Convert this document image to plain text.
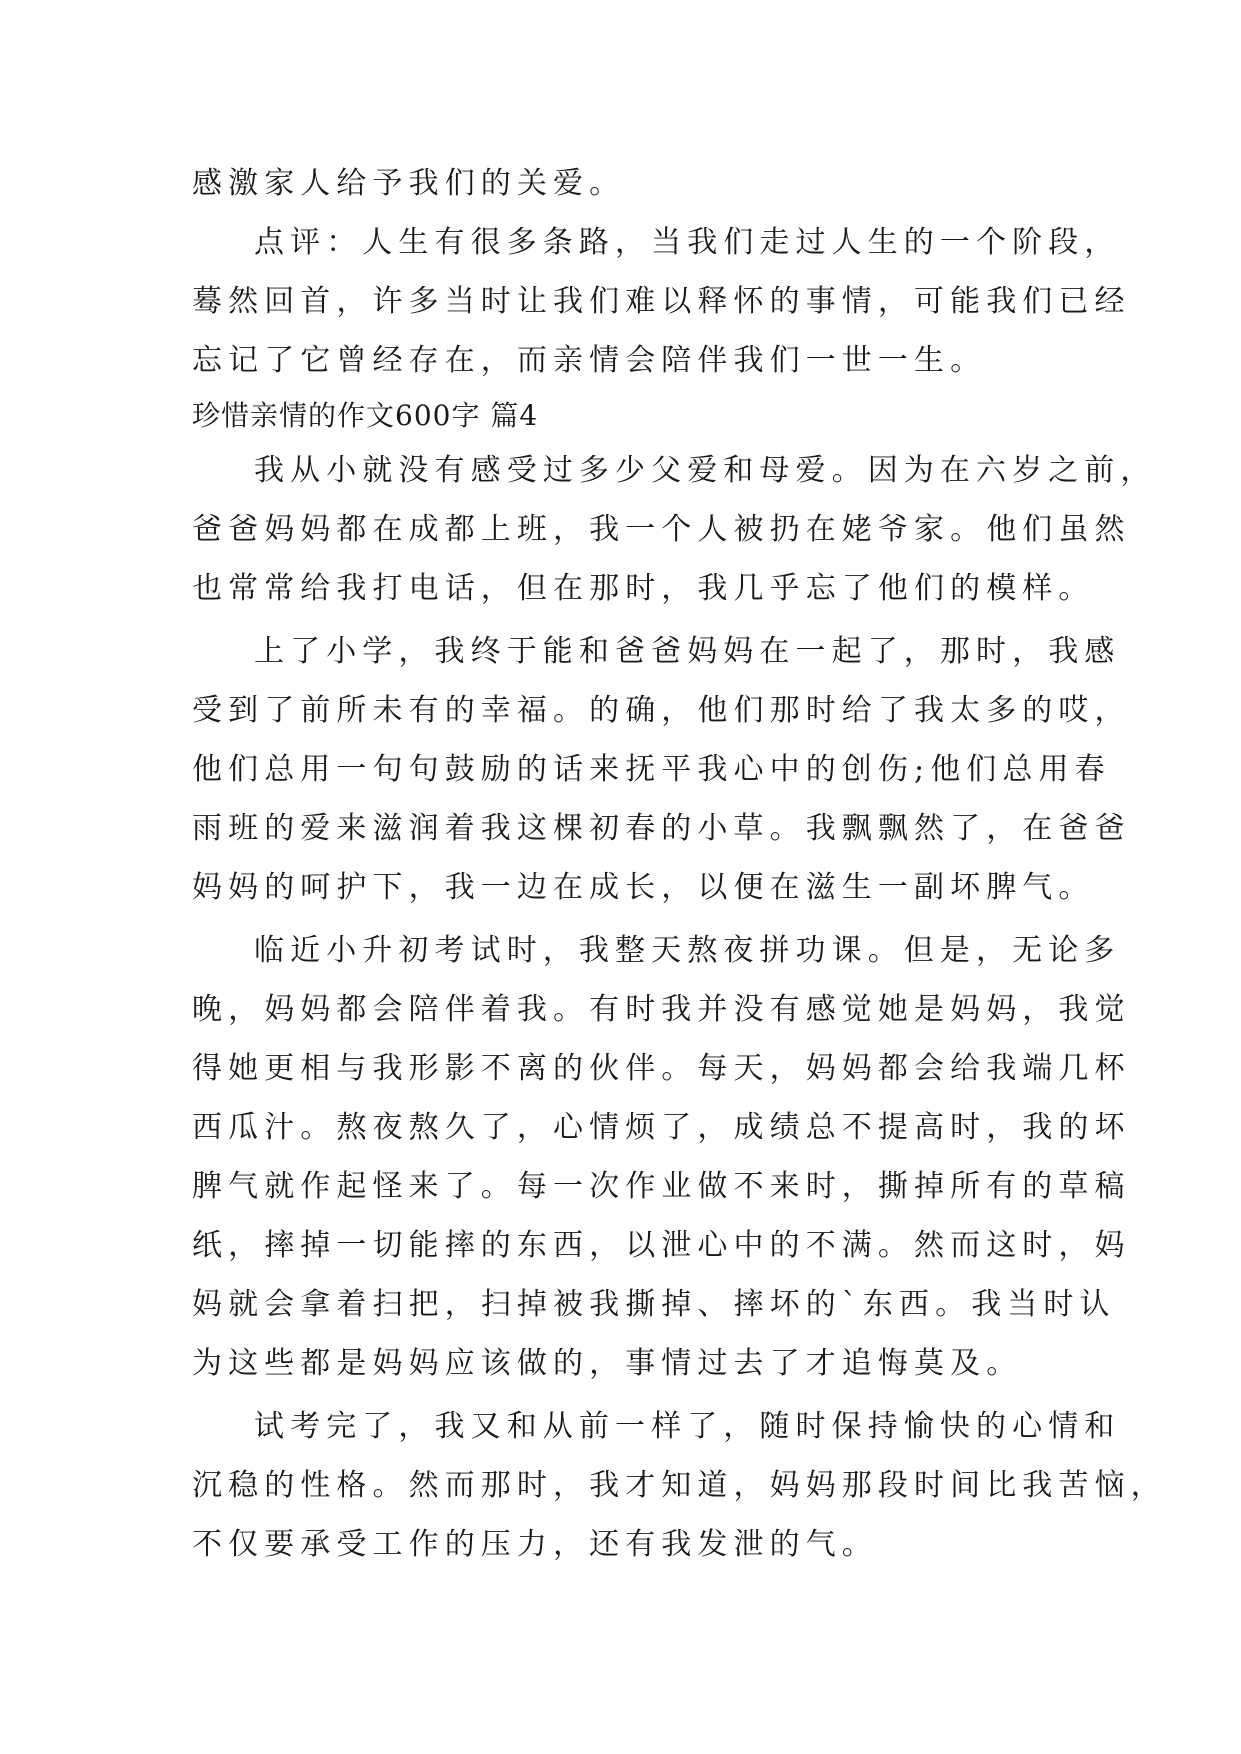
感激家人给予我们的关爱。
点评：人生有很多条路，当我们走过人生的一个阶段，
蓦然回首，许多当时让我们难以释怀的事情，可能我们已经
忘记了它曾经存在，而亲情会陪伴我们一世一生。
珍惜亲情的作文600字 篇4
我从小就没有感受过多少父爱和母爱。因为在六岁之前，
爸爸妈妈都在成都上班，我一个人被扔在姥爷家。他们虽然
也常常给我打电话，但在那时，我几乎忘了他们的模样。
上了小学，我终于能和爸爸妈妈在一起了，那时，我感
受到了前所未有的幸福。的确，他们那时给了我太多的哎，
他们总用一句句鼓励的话来抚平我心中的创伤;他们总用春
雨班的爱来滋润着我这棵初春的小草。我飘飘然了，在爸爸
妈妈的呵护下，我一边在成长，以便在滋生一副坏脾气。
临近小升初考试时，我整天熬夜拼功课。但是，无论多
晚，妈妈都会陪伴着我。有时我并没有感觉她是妈妈，我觉
得她更相与我形影不离的伙伴。每天，妈妈都会给我端几杯
西瓜汁。熬夜熬久了，心情烦了，成绩总不提高时，我的坏
脾气就作起怪来了。每一次作业做不来时，撕掉所有的草稿
纸，摔掉一切能摔的东西，以泄心中的不满。然而这时，妈
妈就会拿着扫把，扫掉被我撕掉、摔坏的`东西。我当时认
为这些都是妈妈应该做的，事情过去了才追悔莫及。
试考完了，我又和从前一样了，随时保持愉快的心情和
沉稳的性格。然而那时，我才知道，妈妈那段时间比我苦恼，
不仅要承受工作的压力，还有我发泄的气。
